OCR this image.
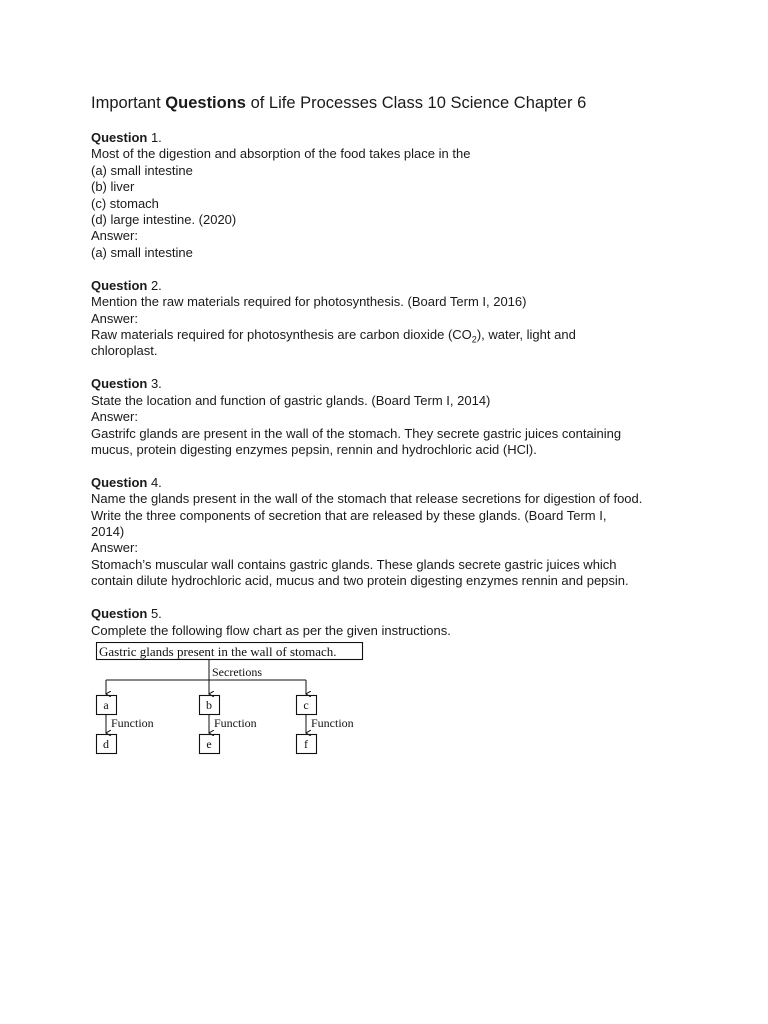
Important Questions of Life Processes Class 10 Science Chapter 6
Question 1.
Most of the digestion and absorption of the food takes place in the
(a) small intestine
(b) liver
(c) stomach
(d) large intestine. (2020)
Answer:
(a) small intestine
Question 2.
Mention the raw materials required for photosynthesis. (Board Term I, 2016)
Answer:
Raw materials required for photosynthesis are carbon dioxide $(CO_2)$, water, light and
chloroplast.
Question 3.
State the location and function of gastric glands. (Board Term I, 2014)
Answer:
Gastrifc glands are present in the wall of the stomach. They secrete gastric juices containing
mucus, protein digesting enzymes pepsin, rennin and hydrochloric acid (HCl).
Question 4.
Name the glands present in the wall of the stomach that release secretions for digestion of food.
Write the three components of secretion that are released by these glands. (Board Term I,
2014)
Answer:
Stomach’s muscular wall contains gastric glands. These glands secrete gastric juices which
contain dilute hydrochloric acid, mucus and two protein digesting enzymes rennin and pepsin.
Question 5.
Complete the following flow chart as per the given instructions.
Gastric glands present in the wall of stomach.
Secretions
a	b	c
Function	Function	Function
d	e	f
